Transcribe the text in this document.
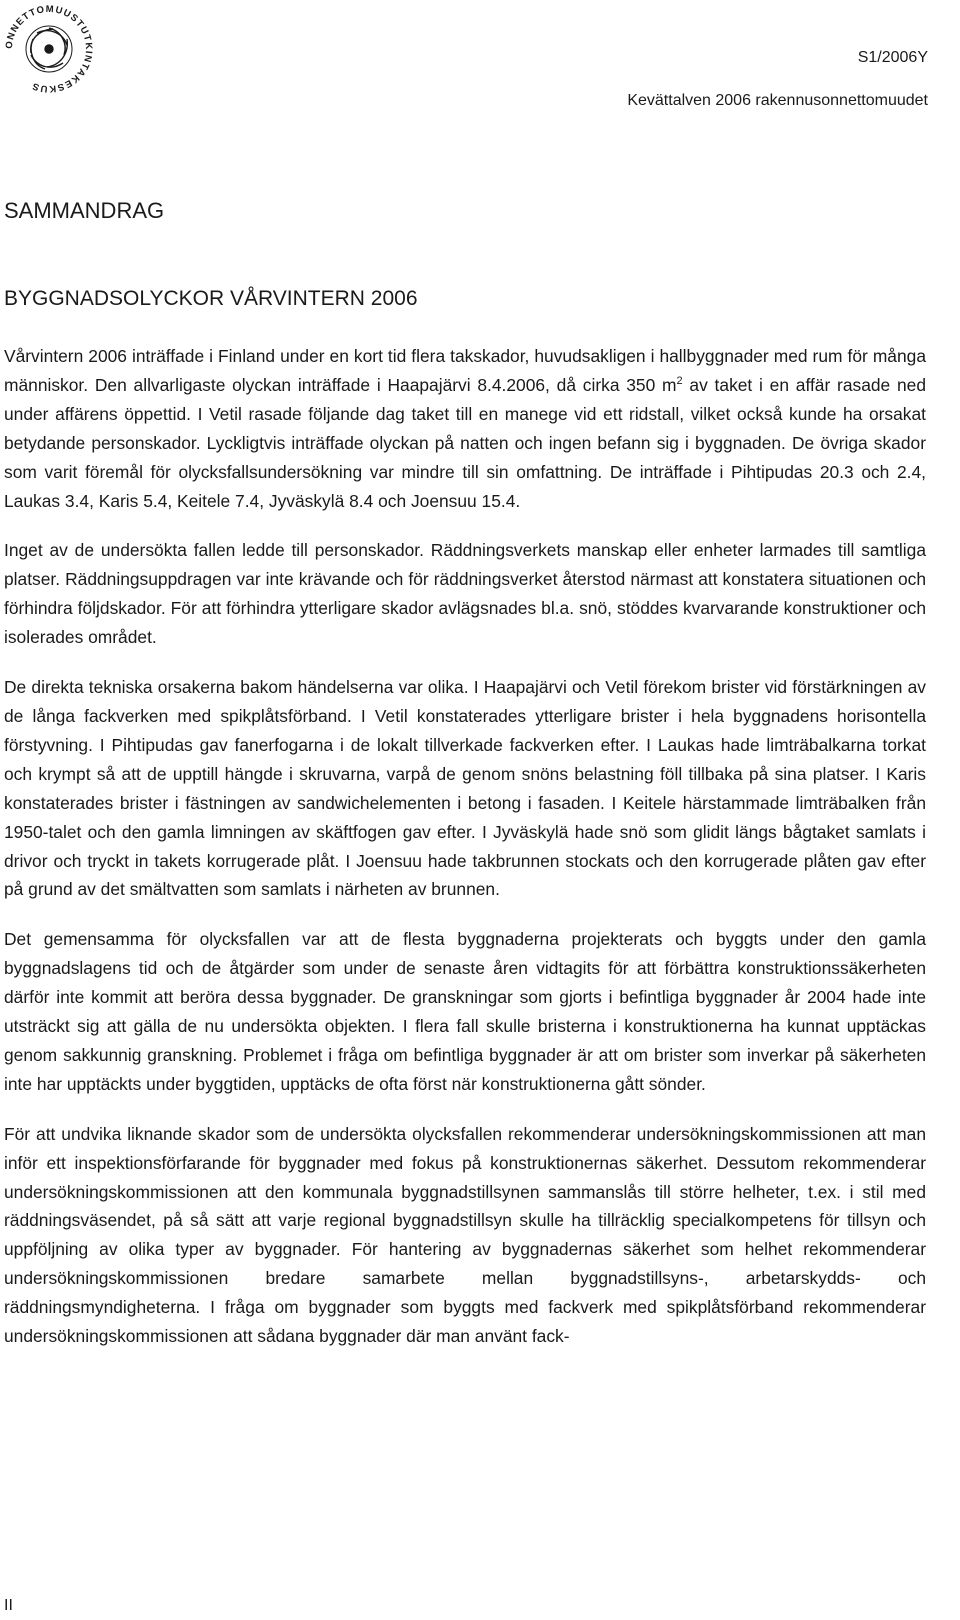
ONNETTOMUUSTUTKINTAKESKUS
S1/2006Y
Kevättalven 2006 rakennusonnettomuudet
SAMMANDRAG
BYGGNADSOLYCKOR VÅRVINTERN 2006

Vårvintern 2006 inträffade i Finland under en kort tid flera takskador, huvudsakligen i hallbyggnader med rum för många människor. Den allvarligaste olyckan inträffade i Haapajärvi 8.4.2006, då cirka 350 $m^2$ av taket i en affär rasade ned under affärens öppettid. I Vetil rasade följande dag taket till en manege vid ett ridstall, vilket också kunde ha orsakat betydande personskador. Lyckligtvis inträffade olyckan på natten och ingen befann sig i byggnaden. De övriga skador som varit föremål för olycksfallsundersökning var mindre till sin omfattning. De inträffade i Pihtipudas 20.3 och 2.4, Laukas 3.4, Karis 5.4, Keitele 7.4, Jyväskylä 8.4 och Joensuu 15.4.

Inget av de undersökta fallen ledde till personskador. Räddningsverkets manskap eller enheter larmades till samtliga platser. Räddningsuppdragen var inte krävande och för räddningsverket återstod närmast att konstatera situationen och förhindra följdskador. För att förhindra ytterligare skador avlägsnades bl.a. snö, stöddes kvarvarande konstruktioner och isolerades området.

De direkta tekniska orsakerna bakom händelserna var olika. I Haapajärvi och Vetil förekom brister vid förstärkningen av de långa fackverken med spikplåtsförband. I Vetil konstaterades ytterligare brister i hela byggnadens horisontella förstyvning. I Pihtipudas gav fanerfogarna i de lokalt tillverkade fackverken efter. I Laukas hade limträbalkarna torkat och krympt så att de upptill hängde i skruvarna, varpå de genom snöns belastning föll tillbaka på sina platser. I Karis konstaterades brister i fästningen av sandwichelementen i betong i fasaden. I Keitele härstammade limträbalken från 1950-talet och den gamla limningen av skäftfogen gav efter. I Jyväskylä hade snö som glidit längs bågtaket samlats i drivor och tryckt in takets korrugerade plåt. I Joensuu hade takbrunnen stockats och den korrugerade plåten gav efter på grund av det smältvatten som samlats i närheten av brunnen.

Det gemensamma för olycksfallen var att de flesta byggnaderna projekterats och byggts under den gamla byggnadslagens tid och de åtgärder som under de senaste åren vidtagits för att förbättra konstruktionssäkerheten därför inte kommit att beröra dessa byggnader. De granskningar som gjorts i befintliga byggnader år 2004 hade inte utsträckt sig att gälla de nu undersökta objekten. I flera fall skulle bristerna i konstruktionerna ha kunnat upptäckas genom sakkunnig granskning. Problemet i fråga om befintliga byggnader är att om brister som inverkar på säkerheten inte har upptäckts under byggtiden, upptäcks de ofta först när konstruktionerna gått sönder.

För att undvika liknande skador som de undersökta olycksfallen rekommenderar undersökningskommissionen att man inför ett inspektionsförfarande för byggnader med fokus på konstruktionernas säkerhet. Dessutom rekommenderar undersökningskommissionen att den kommunala byggnadstillsynen sammanslås till större helheter, t.ex. i stil med räddningsväsendet, på så sätt att varje regional byggnadstillsyn skulle ha tillräcklig specialkompetens för tillsyn och uppföljning av olika typer av byggnader. För hantering av byggnadernas säkerhet som helhet rekommenderar undersökningskommissionen bredare samarbete mellan byggnadstillsyns-, arbetarskydds- och räddningsmyndigheterna. I fråga om byggnader som byggts med fackverk med spikplåtsförband rekommenderar undersökningskommissionen att sådana byggnader där man använt fack-

II
